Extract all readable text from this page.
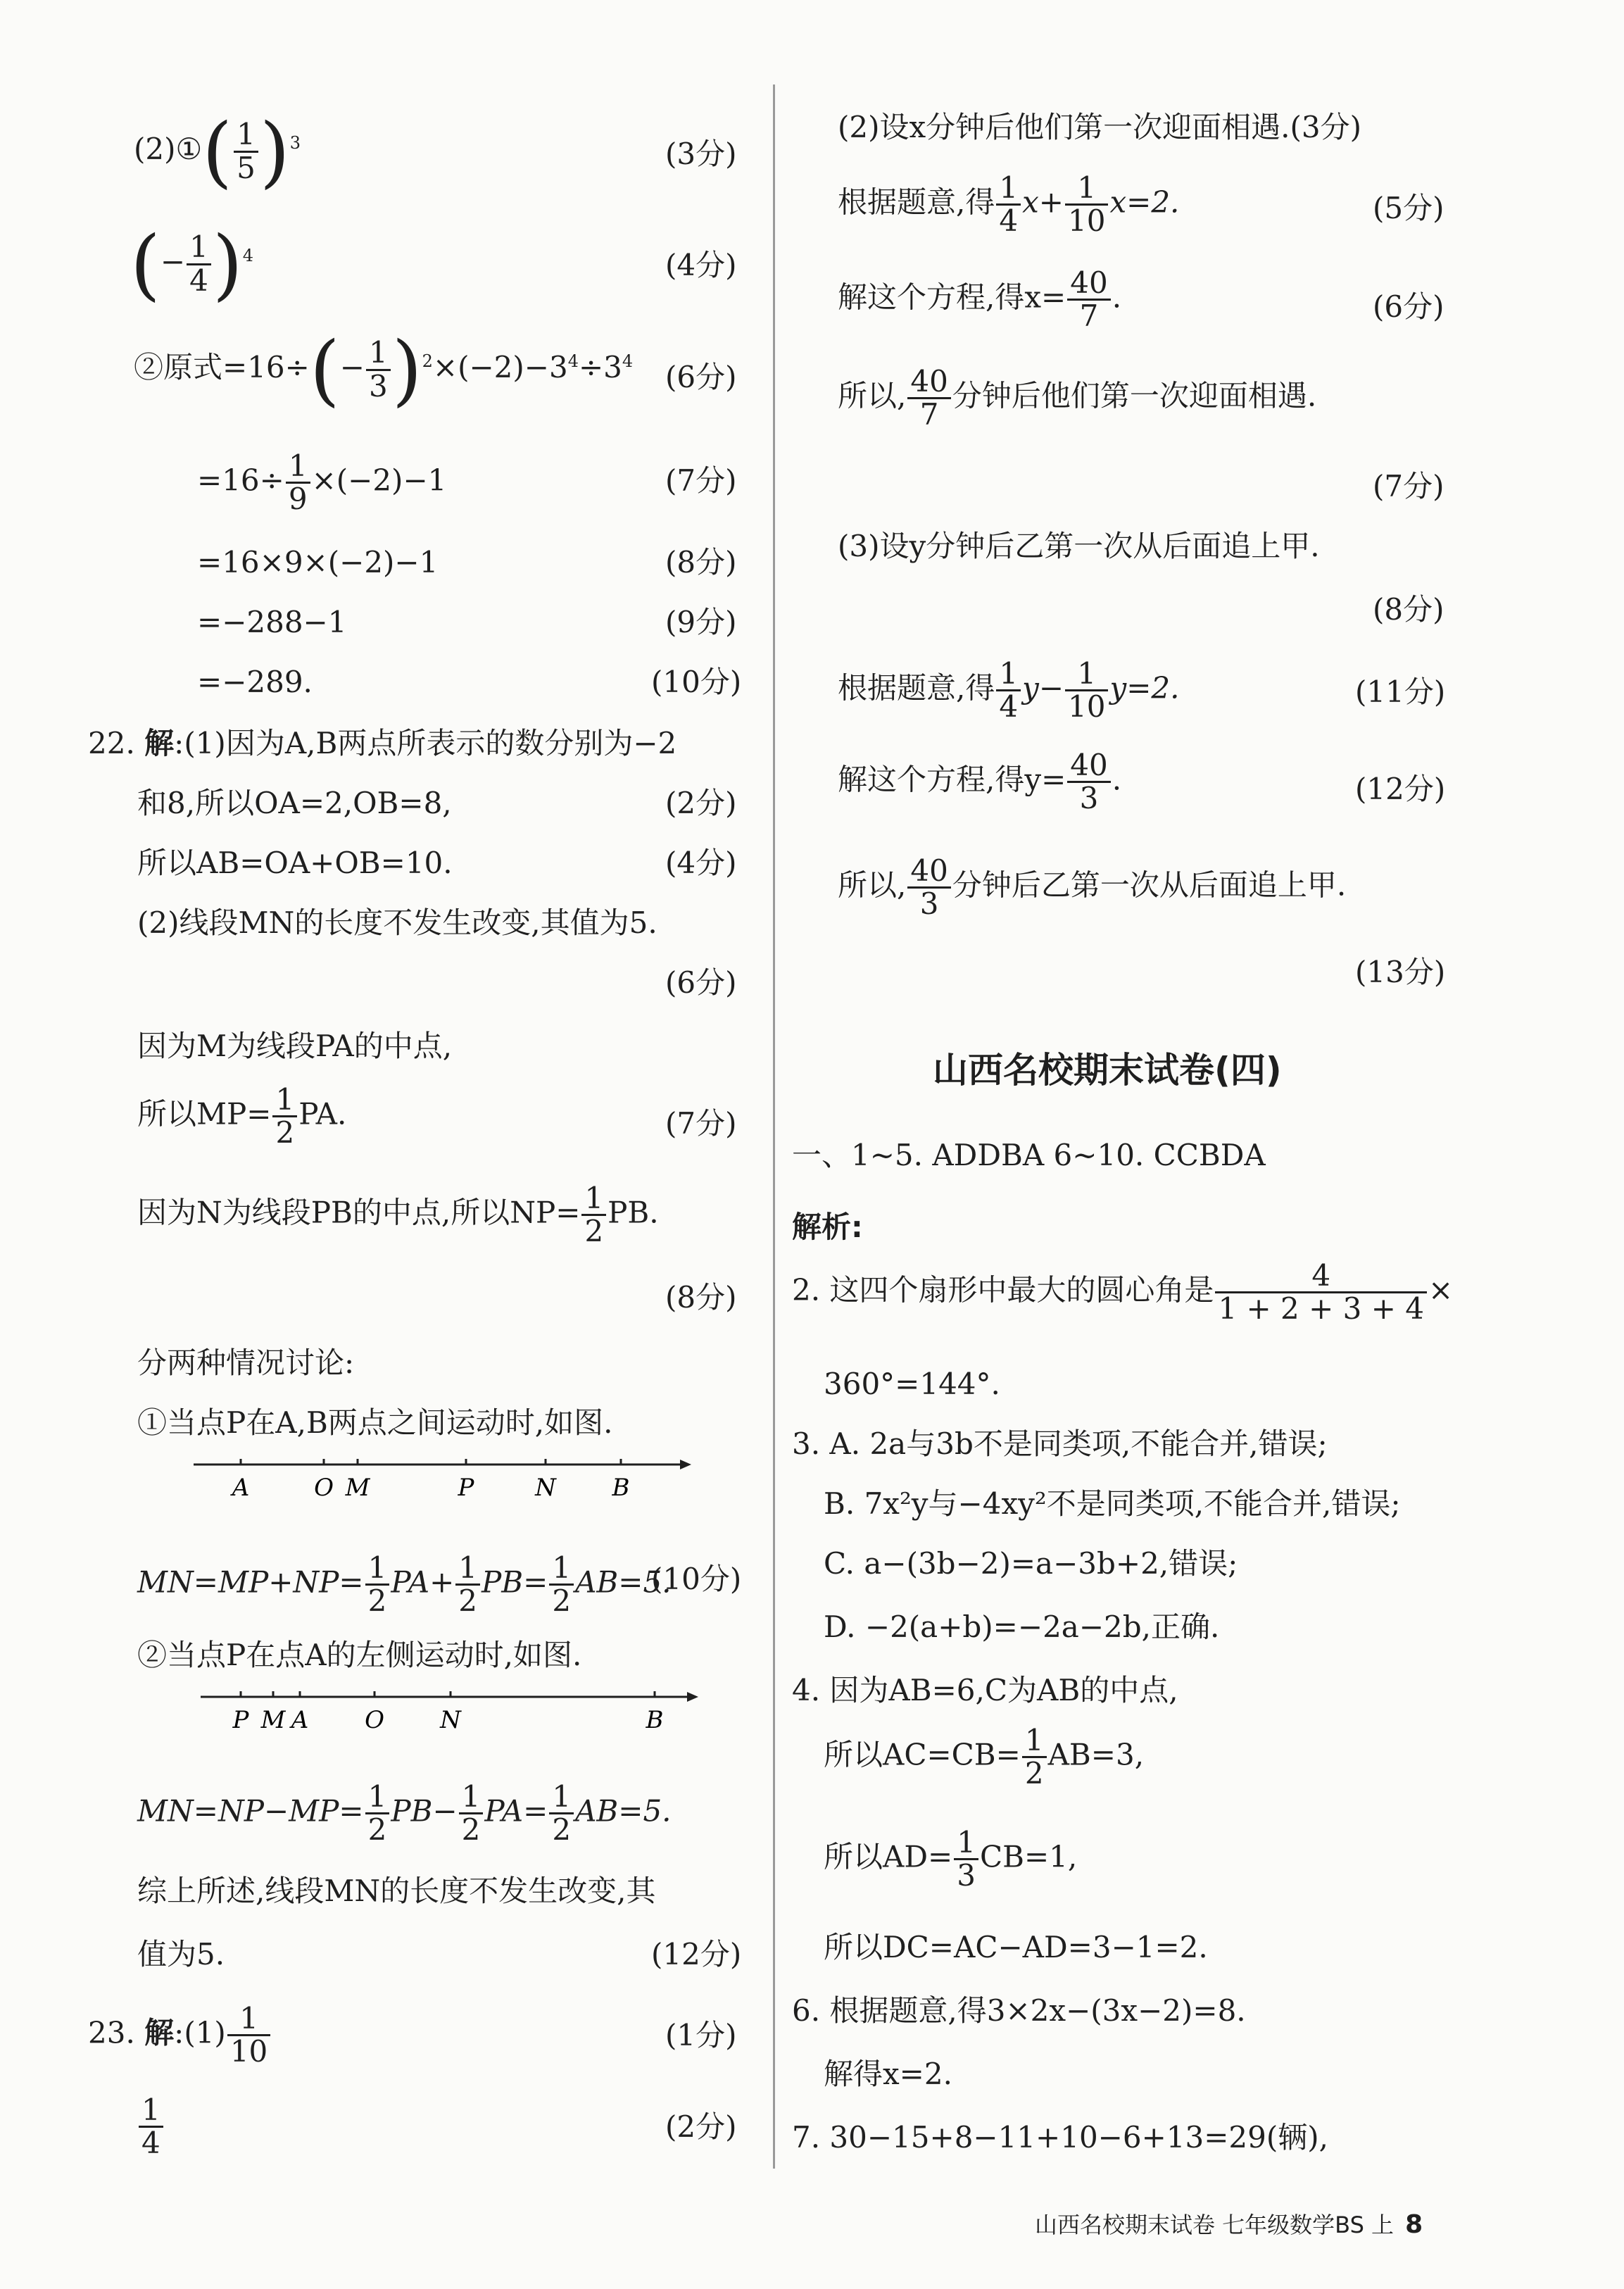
(2)①( $\frac{1}{5} )^3$	(3分)
(− $\frac{1}{4} )^4$	(4分)
②原式$=16\div(- \frac{1}{3} )^2\times(-2)-3^4\div 3^4$ (6分)
$=16\div \frac{1}{9} \times(-2)-1$	(7分)
=16×9×(−2)−1	(8分)
=−288−1	(9分)
=−289.	(10分)
22. 解:(1)因为A,B两点所表示的数分别为−2
和8,所以OA=2,OB=8,	(2分)
所以AB=OA+OB=10.	(4分)
(2)线段MN的长度不发生改变,其值为5.
(6分)
因为M为线段PA的中点,
所以$MP= \frac{1}{2}$ PA.	(7分)
因为N为线段PB的中点,所以$NP= \frac{1}{2}$ PB.
(8分)
分两种情况讨论:
①当点P在A,B两点之间运动时,如图.
A	O M	P	N B
$MN=MP+NP= \frac{1}{2} PA+ \frac{1}{2} PB= \frac{1}{2} AB=5$.
(10分)
②当点P在点A的左侧运动时,如图.
P M A O N	B
$MN=NP-MP= \frac{1}{2} PB- \frac{1}{2} PA= \frac{1}{2} AB=5$.
综上所述,线段MN的长度不发生改变,其
值为5.	(12分)
23. 解:(1) $\frac{1}{10}$	(1分)
$\frac{1}{4}$	(2分)
(2)设x分钟后他们第一次迎面相遇.(3分)
根据题意,得 $\frac{1}{4} x+ \frac{1}{10} x=2$.	(5分)
解这个方程,得$x= \frac{40}{7}$ .	(6分)
所以, $\frac{40}{7}$ 分钟后他们第一次迎面相遇.
(7分)
(3)设y分钟后乙第一次从后面追上甲.
(8分)
根据题意,得 $\frac{1}{4} y- \frac{1}{10} y=2$.	(11分)
解这个方程,得$y= \frac{40}{3}$ .	(12分)
所以, $\frac{40}{3}$ 分钟后乙第一次从后面追上甲.
(13分)
山西名校期末试卷(四)
一、1~5. ADDBA 6~10. CCBDA
解析:
2. 这四个扇形中最大的圆心角是 $\frac{4}{1 + 2 + 3 + 4}$ ×
360°=144°.
3. A. 2a与3b不是同类项,不能合并,错误;
B. 7x²y与−4xy²不是同类项,不能合并,错误;
C. a−(3b−2)=a−3b+2,错误;
D. −2(a+b)=−2a−2b,正确.
4. 因为AB=6,C为AB的中点,
所以$AC=CB= \frac{1}{2} AB=3$,
所以$AD= \frac{1}{3} CB=1$,
所以DC=AC−AD=3−1=2.
6. 根据题意,得3×2x−(3x−2)=8.
解得x=2.
7. 30−15+8−11+10−6+13=29(辆),
山西名校期末试卷 七年级数学BS 上 8
